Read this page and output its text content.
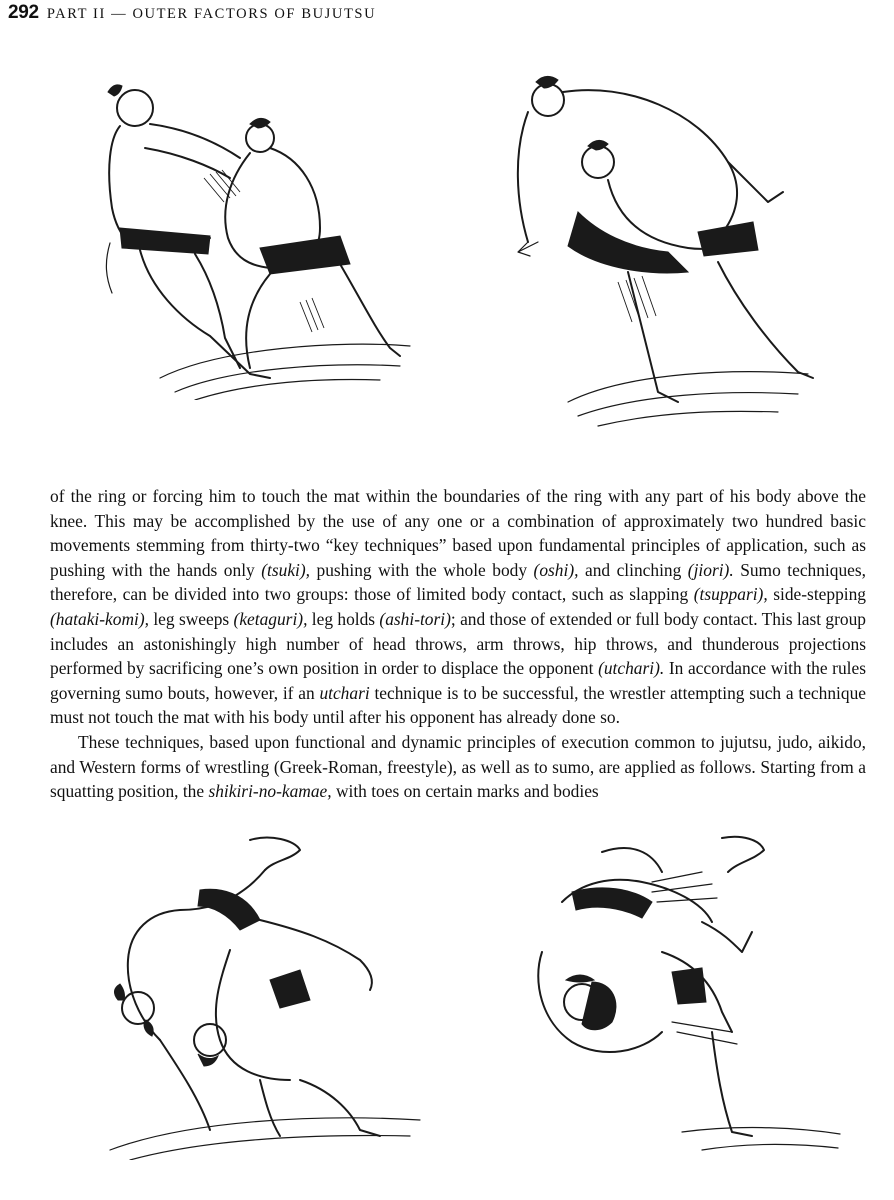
292 PART II — OUTER FACTORS OF BUJUTSU

of the ring or forcing him to touch the mat within the boundaries of the ring with any part of his body above the knee. This may be accomplished by the use of any one or a combination of approximately two hundred basic movements stemming from thirty-two “key techniques” based upon fundamental principles of application, such as pushing with the hands only (tsuki), pushing with the whole body (oshi), and clinching (jiori). Sumo techniques, therefore, can be divided into two groups: those of limited body contact, such as slapping (tsuppari), side-stepping (hataki-komi), leg sweeps (ketaguri), leg holds (ashi-tori); and those of extended or full body contact. This last group includes an astonishingly high number of head throws, arm throws, hip throws, and thunderous projections performed by sacrificing one’s own position in order to displace the opponent (utchari). In accordance with the rules governing sumo bouts, however, if an utchari technique is to be successful, the wrestler attempting such a technique must not touch the mat with his body until after his opponent has already done so.

These techniques, based upon functional and dynamic principles of execution common to jujutsu, judo, aikido, and Western forms of wrestling (Greek-Roman, freestyle), as well as to sumo, are applied as follows. Starting from a squatting position, the shikiri-no-kamae, with toes on certain marks and bodies
